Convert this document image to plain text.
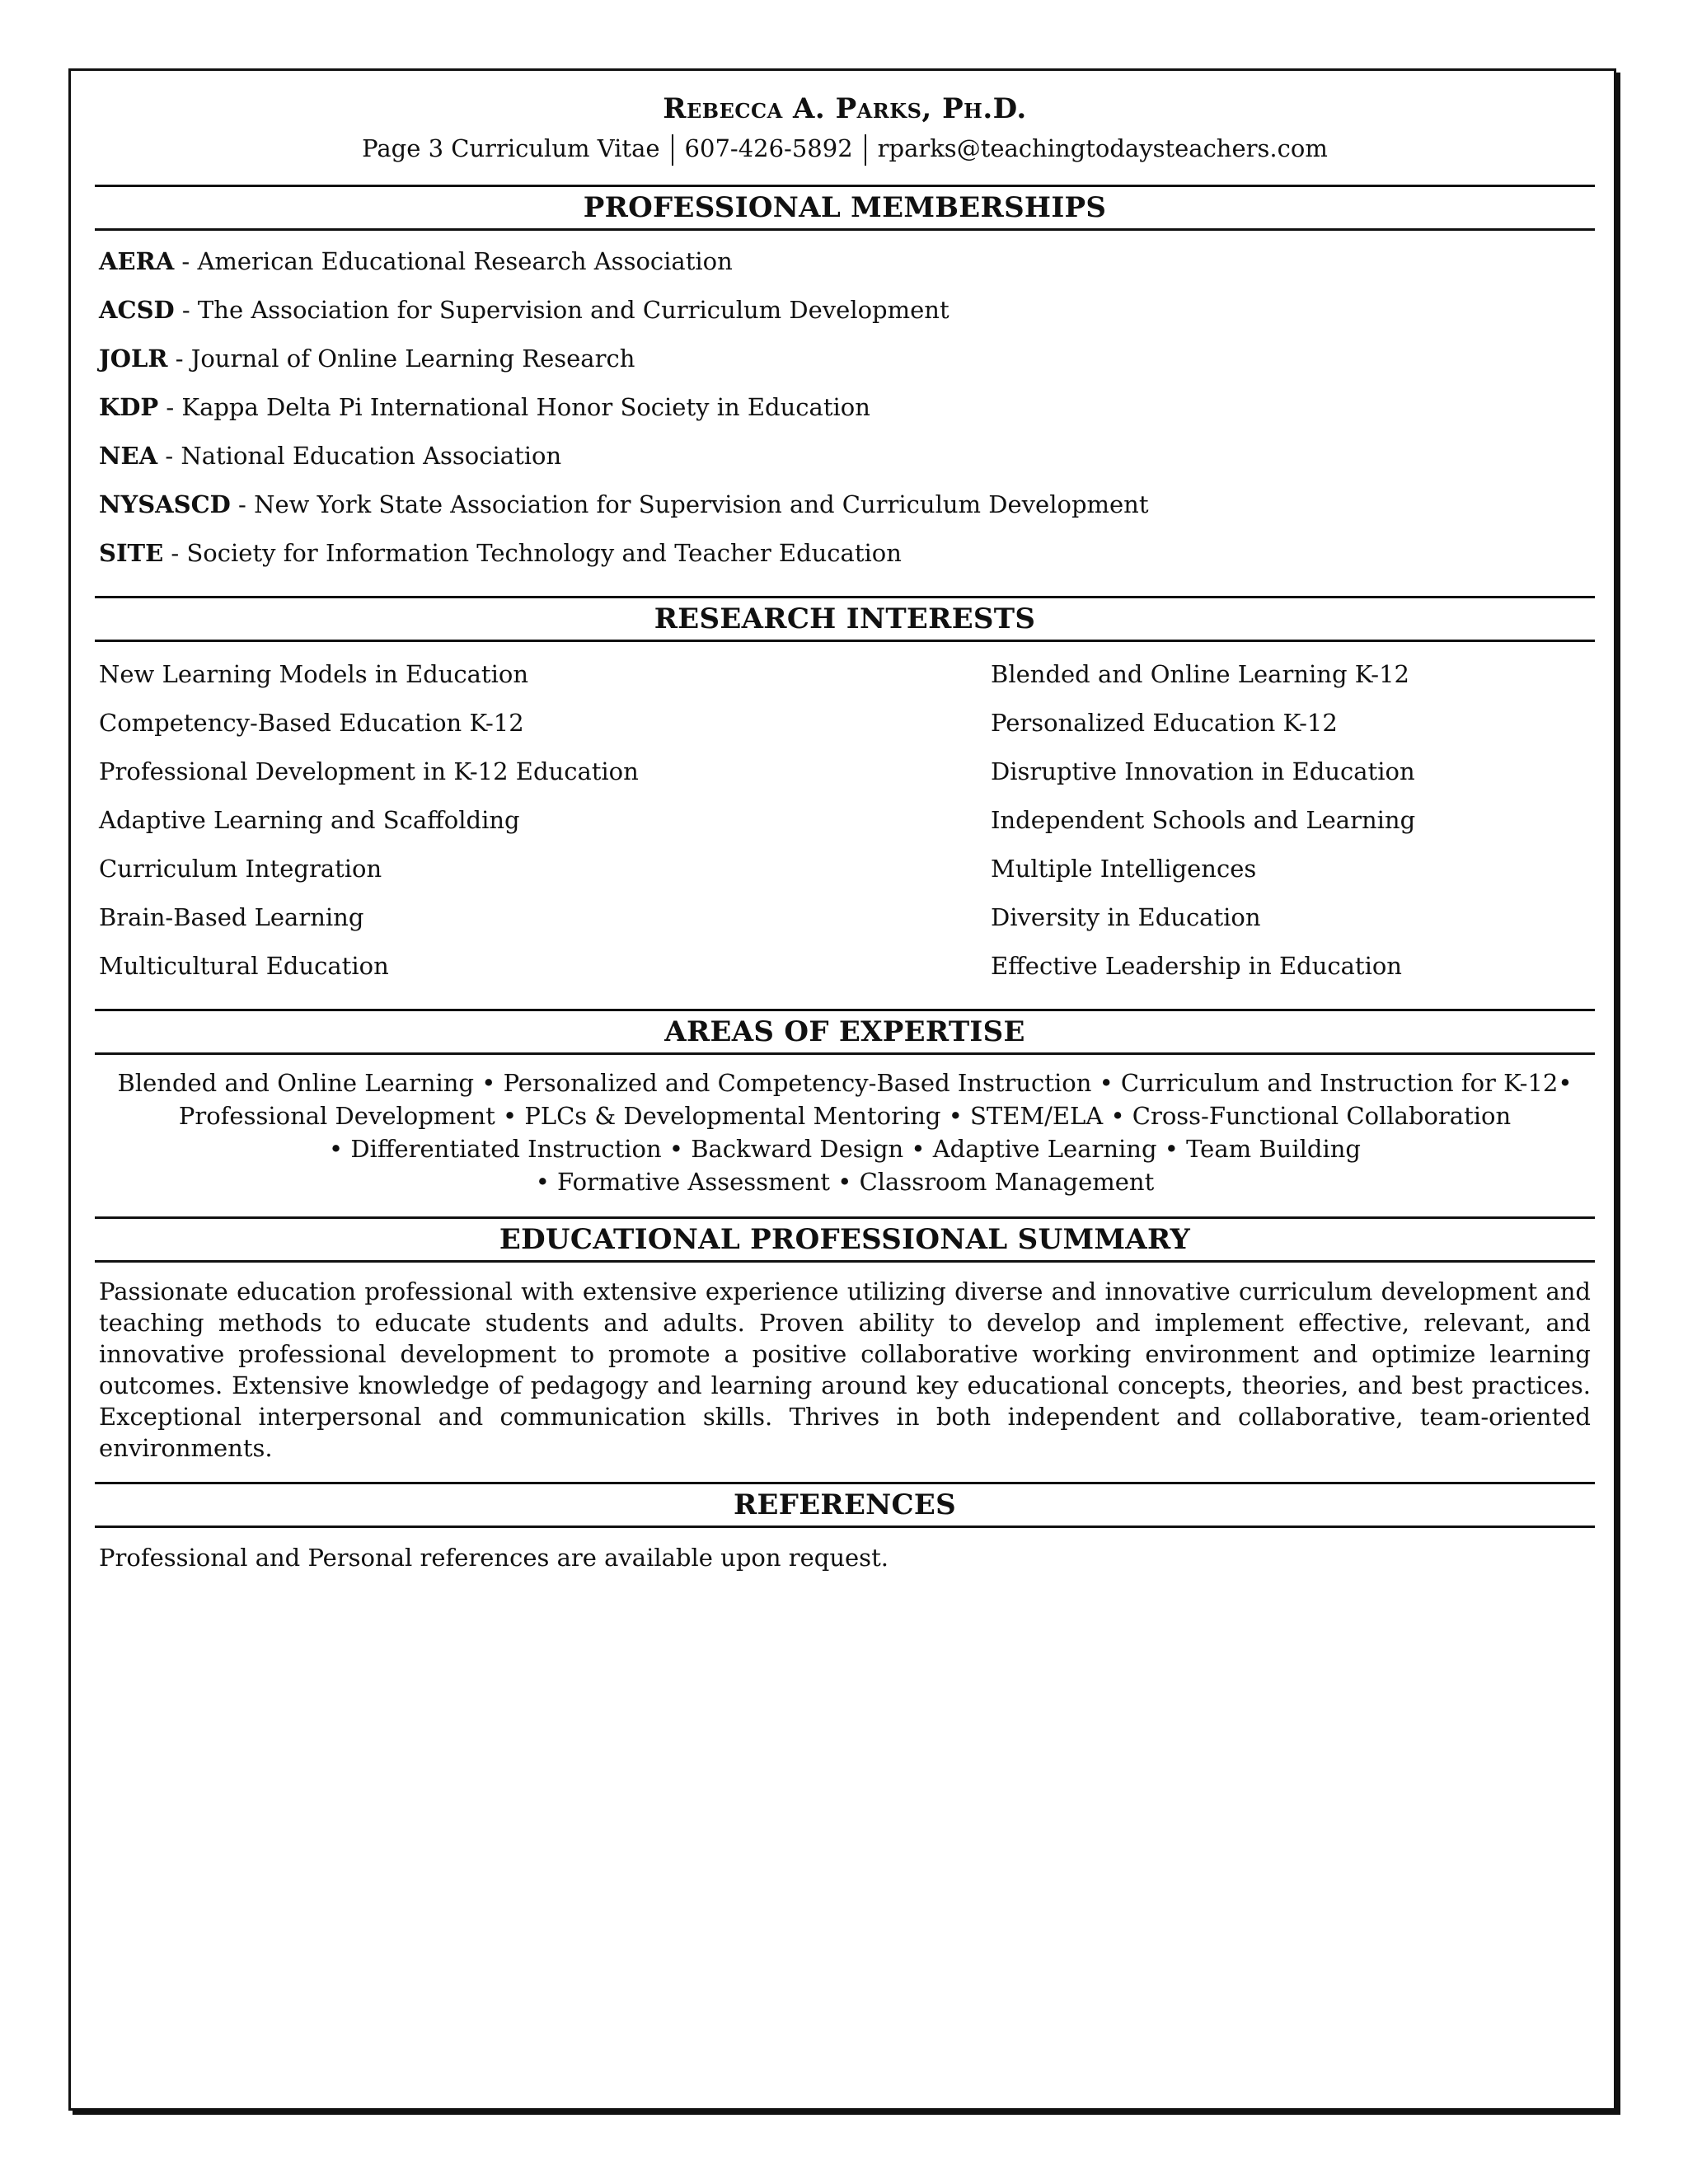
Rebecca A. Parks, Ph.D.
Page 3 Curriculum Vitae 607-426-5892 rparks@teachingtodaysteachers.com
PROFESSIONAL MEMBERSHIPS
AERA - American Educational Research Association
ACSD - The Association for Supervision and Curriculum Development
JOLR - Journal of Online Learning Research
KDP - Kappa Delta Pi International Honor Society in Education
NEA - National Education Association
NYSASCD - New York State Association for Supervision and Curriculum Development
SITE - Society for Information Technology and Teacher Education
RESEARCH INTERESTS
New Learning Models in Education
Competency-Based Education K-12
Professional Development in K-12 Education
Adaptive Learning and Scaffolding
Curriculum Integration
Brain-Based Learning
Multicultural Education
Blended and Online Learning K-12
Personalized Education K-12
Disruptive Innovation in Education
Independent Schools and Learning
Multiple Intelligences
Diversity in Education
Effective Leadership in Education
AREAS OF EXPERTISE
Blended and Online Learning • Personalized and Competency-Based Instruction • Curriculum and Instruction for K-12•
Professional Development • PLCs & Developmental Mentoring • STEM/ELA • Cross-Functional Collaboration
• Differentiated Instruction • Backward Design • Adaptive Learning • Team Building
• Formative Assessment • Classroom Management
EDUCATIONAL PROFESSIONAL SUMMARY
Passionate education professional with extensive experience utilizing diverse and innovative curriculum development and teaching methods to educate students and adults. Proven ability to develop and implement effective, relevant, and innovative professional development to promote a positive collaborative working environment and optimize learning outcomes. Extensive knowledge of pedagogy and learning around key educational concepts, theories, and best practices. Exceptional interpersonal and communication skills. Thrives in both independent and collaborative, team-oriented environments.
REFERENCES
Professional and Personal references are available upon request.
